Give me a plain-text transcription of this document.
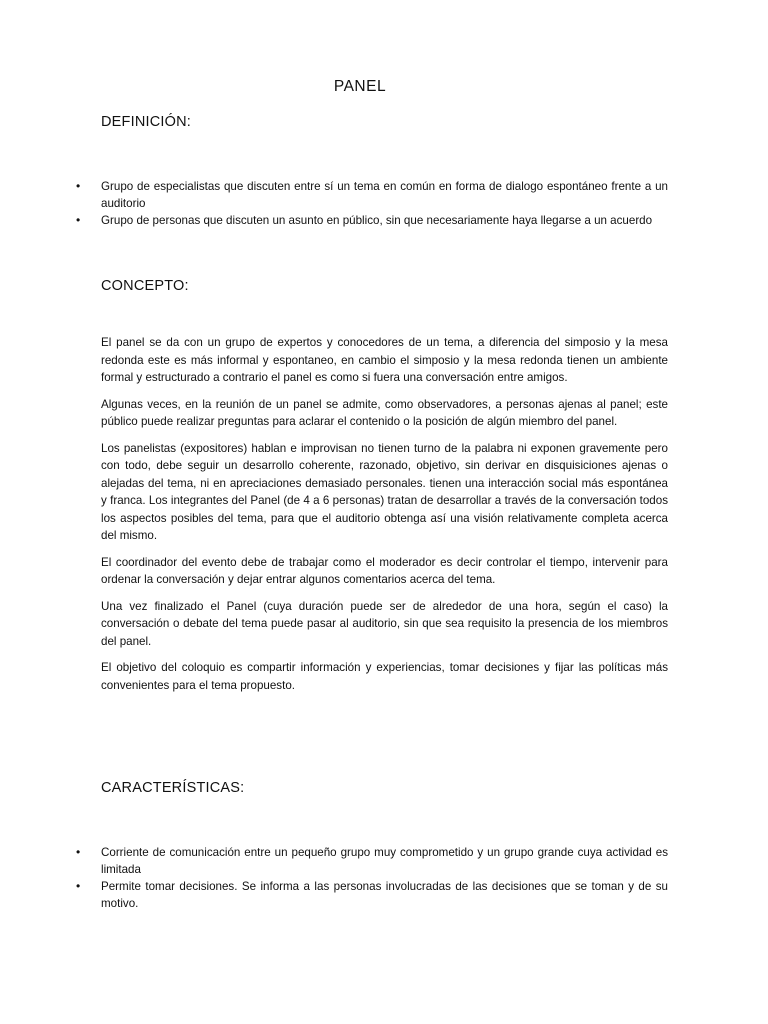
PANEL
DEFINICIÓN:
•	Grupo de especialistas que discuten entre sí un tema en común en forma de dialogo espontáneo frente a un auditorio
•	Grupo de personas que discuten un asunto en público, sin que necesariamente haya llegarse a un acuerdo
CONCEPTO:

El panel se da con un grupo de expertos y conocedores de un tema, a diferencia del simposio y la mesa redonda este es más informal y espontaneo, en cambio el simposio y la mesa redonda tienen un ambiente formal y estructurado a contrario el panel es como si fuera una conversación entre amigos.

Algunas veces, en la reunión de un panel se admite, como observadores, a personas ajenas al panel; este público puede realizar preguntas para aclarar el contenido o la posición de algún miembro del panel.

Los panelistas (expositores) hablan e improvisan no tienen turno de la palabra ni exponen gravemente pero con todo, debe seguir un desarrollo coherente, razonado, objetivo, sin derivar en disquisiciones ajenas o alejadas del tema, ni en apreciaciones demasiado personales. tienen una interacción social más espontánea y franca. Los integrantes del Panel (de 4 a 6 personas) tratan de desarrollar a través de la conversación todos los aspectos posibles del tema, para que el auditorio obtenga así una visión relativamente completa acerca del mismo.

El coordinador del evento debe de trabajar como el moderador es decir controlar el tiempo, intervenir para ordenar la conversación y dejar entrar algunos comentarios acerca del tema.

Una vez finalizado el Panel (cuya duración puede ser de alrededor de una hora, según el caso) la conversación o debate del tema puede pasar al auditorio, sin que sea requisito la presencia de los miembros del panel.

El objetivo del coloquio es compartir información y experiencias, tomar decisiones y fijar las políticas más convenientes para el tema propuesto.

CARACTERÍSTICAS:
•	Corriente de comunicación entre un pequeño grupo muy comprometido y un grupo grande cuya actividad es limitada
•	Permite tomar decisiones. Se informa a las personas involucradas de las decisiones que se toman y de su motivo.
